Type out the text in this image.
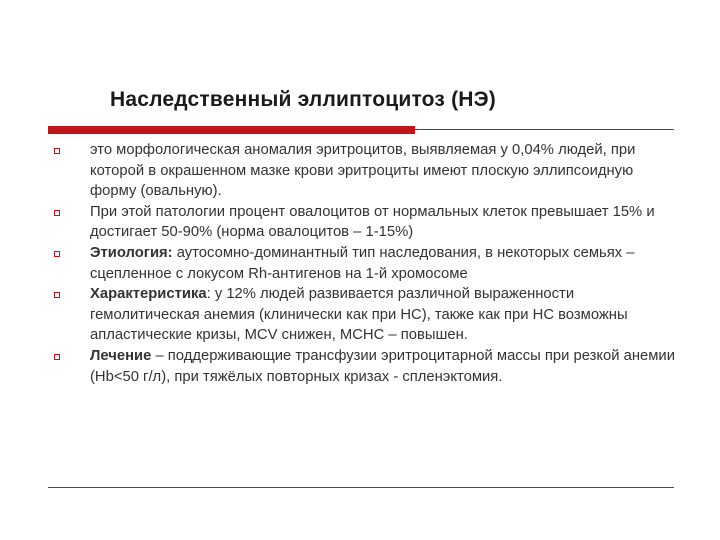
Наследственный эллиптоцитоз (НЭ)
это морфологическая аномалия эритроцитов, выявляемая у 0,04% людей, при которой в окрашенном мазке крови эритроциты имеют плоскую эллипсоидную форму (овальную).
При этой патологии процент овалоцитов от нормальных клеток превышает 15% и достигает 50-90% (норма овалоцитов – 1-15%)
Этиология: аутосомно-доминантный тип наследования, в некоторых семьях – сцепленное с локусом Rh-антигенов на 1-й хромосоме
Характеристика: у 12% людей развивается различной выраженности гемолитическая анемия (клинически как при НС), также как при НС возможны апластические кризы, MCV снижен, MCHC – повышен.
Лечение – поддерживающие трансфузии эритроцитарной массы при резкой анемии (Hb<50 г/л), при тяжёлых повторных кризах - спленэктомия.
